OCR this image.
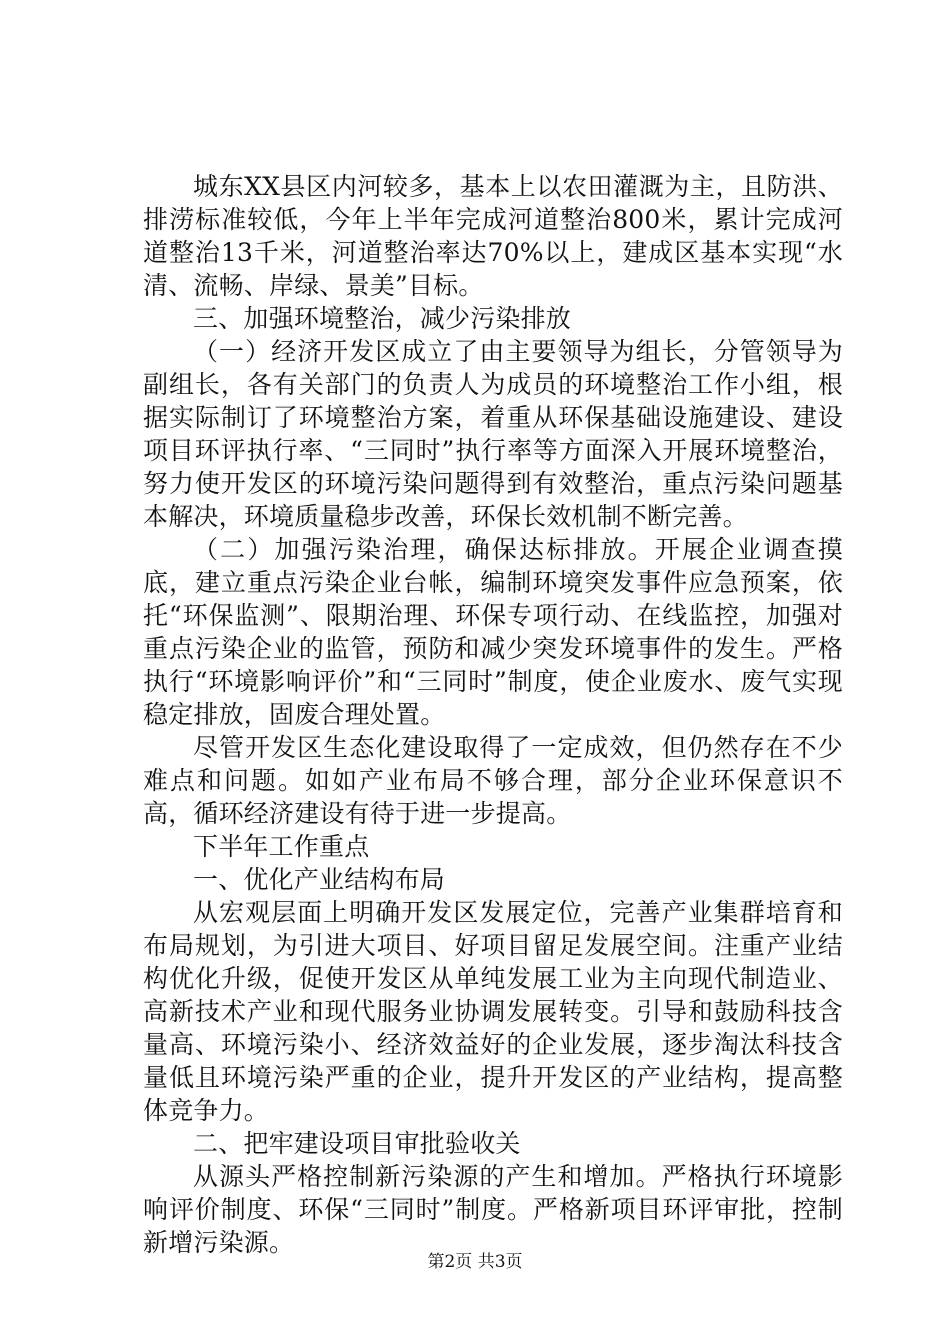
城东XX县区内河较多，基本上以农田灌溉为主，且防洪、排涝标准较低，今年上半年完成河道整治800米，累计完成河道整治13千米，河道整治率达70%以上，建成区基本实现“水清、流畅、岸绿、景美”目标。

三、加强环境整治，减少污染排放

（一）经济开发区成立了由主要领导为组长，分管领导为副组长，各有关部门的负责人为成员的环境整治工作小组，根据实际制订了环境整治方案，着重从环保基础设施建设、建设项目环评执行率、“三同时”执行率等方面深入开展环境整治，努力使开发区的环境污染问题得到有效整治，重点污染问题基本解决，环境质量稳步改善，环保长效机制不断完善。

（二）加强污染治理，确保达标排放。开展企业调查摸底，建立重点污染企业台帐，编制环境突发事件应急预案，依托“环保监测”、限期治理、环保专项行动、在线监控，加强对重点污染企业的监管，预防和减少突发环境事件的发生。严格执行“环境影响评价”和“三同时”制度，使企业废水、废气实现稳定排放，固废合理处置。

尽管开发区生态化建设取得了一定成效，但仍然存在不少难点和问题。如如产业布局不够合理，部分企业环保意识不高，循环经济建设有待于进一步提高。

下半年工作重点

一、优化产业结构布局

从宏观层面上明确开发区发展定位，完善产业集群培育和布局规划，为引进大项目、好项目留足发展空间。注重产业结构优化升级，促使开发区从单纯发展工业为主向现代制造业、高新技术产业和现代服务业协调发展转变。引导和鼓励科技含量高、环境污染小、经济效益好的企业发展，逐步淘汰科技含量低且环境污染严重的企业，提升开发区的产业结构，提高整体竞争力。

二、把牢建设项目审批验收关

从源头严格控制新污染源的产生和增加。严格执行环境影响评价制度、环保“三同时”制度。严格新项目环评审批，控制新增污染源。

第2页 共3页
